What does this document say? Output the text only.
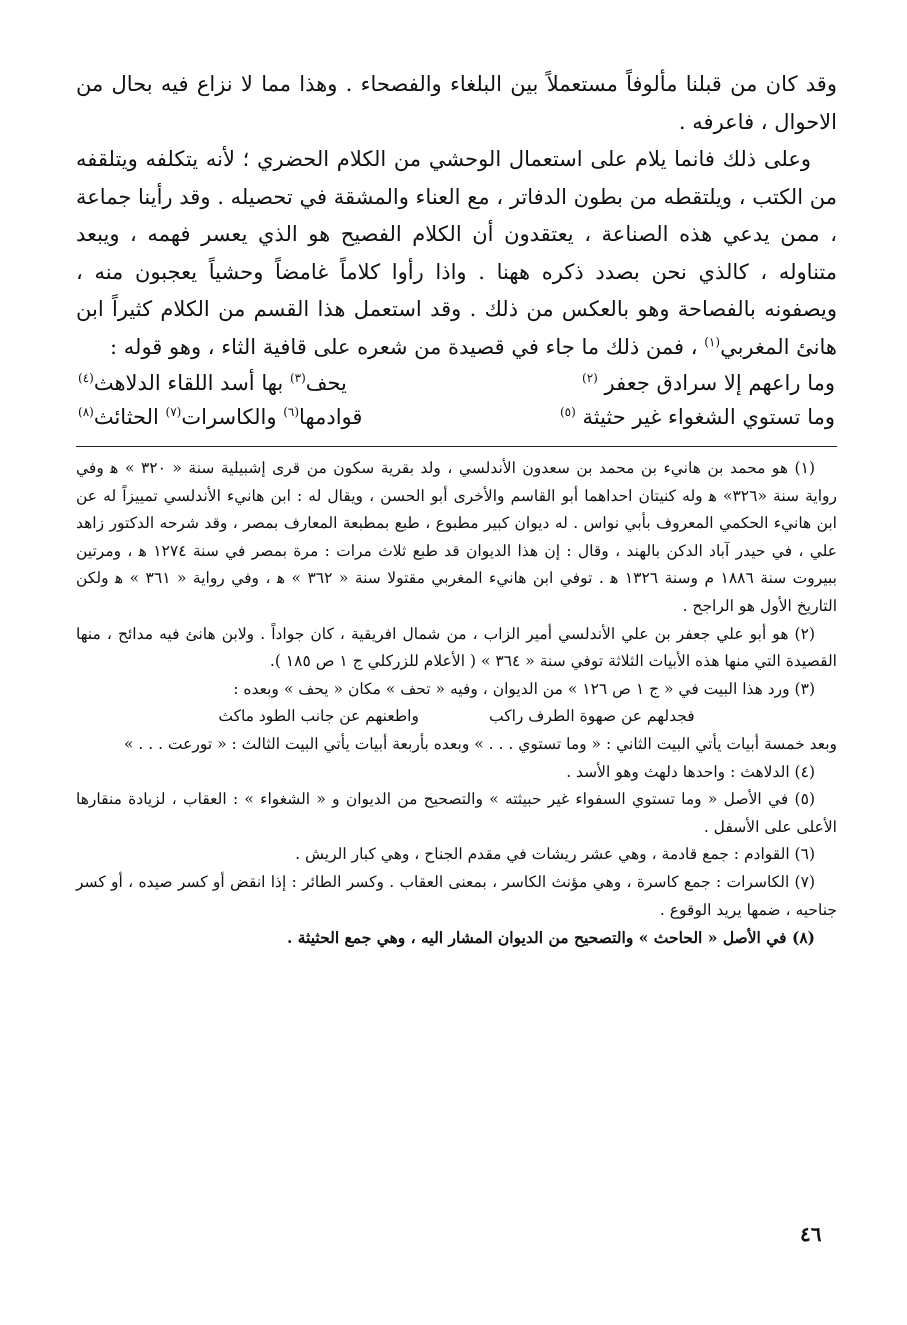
وقد كان من قبلنا مألوفاً مستعملاً بين البلغاء والفصحاء . وهذا مما لا نزاع فيه بحال من الاحوال ، فاعرفه .

وعلى ذلك فانما يلام على استعمال الوحشي من الكلام الحضري ؛ لأنه يتكلفه ويتلقفه من الكتب ، ويلتقطه من بطون الدفاتر ، مع العناء والمشقة في تحصيله . وقد رأينا جماعة ، ممن يدعي هذه الصناعة ، يعتقدون أن الكلام الفصيح هو الذي يعسر فهمه ، ويبعد متناوله ، كالذي نحن بصدد ذكره ههنا . واذا رأوا كلاماً غامضاً وحشياً يعجبون منه ، ويصفونه بالفصاحة وهو بالعكس من ذلك . وقد استعمل هذا القسم من الكلام كثيراً ابن هانئ المغربي$^{(١)}$ ، فمن ذلك ما جاء في قصيدة من شعره على قافية الثاء ، وهو قوله :

وما راعهم إلا سرادق جعفر $^{(٢)}$
يحف$^{(٣)}$ بها أسد اللقاء الدلاهث$^{(٤)}$
وما تستوي الشغواء غير حثيثة $^{(٥)}$
قوادمها$^{(٦)}$ والكاسرات$^{(٧)}$ الحثائث$^{(٨)}$

(١) هو محمد بن هانيء بن محمد بن سعدون الأندلسي ، ولد بقرية سكون من قرى إشبيلية سنة « ٣٢٠ » ﻫ وفي رواية سنة «٣٢٦» ﻫ وله كنيتان احداهما أبو القاسم والأخرى أبو الحسن ، ويقال له : ابن هانيء الأندلسي تمييزاً له عن ابن هانيء الحكمي المعروف بأبي نواس . له ديوان كبير مطبوع ، طبع بمطبعة المعارف بمصر ، وقد شرحه الدكتور زاهد علي ، في حيدر آباد الدكن بالهند ، وقال : إن هذا الديوان قد طبع ثلاث مرات : مرة بمصر في سنة ١٢٧٤ ﻫ ، ومرتين ببيروت سنة ١٨٨٦ م وسنة ١٣٢٦ ﻫ . توفي ابن هانيء المغربي مقتولا سنة « ٣٦٢ » ﻫ ، وفي رواية « ٣٦١ » ﻫ ولكن التاريخ الأول هو الراجح .

(٢) هو أبو علي جعفر بن علي الأندلسي أمير الزاب ، من شمال افريقية ، كان جواداً . ولابن هانئ فيه مدائح ، منها القصيدة التي منها هذه الأبيات الثلاثة توفي سنة « ٣٦٤ » ( الأعلام للزركلي ج ١ ص ١٨٥ ).

(٣) ورد هذا البيت في « ج ١ ص ١٢٦ » من الديوان ، وفيه « تحف » مكان « يحف » وبعده :

فجدلهم عن صهوة الطرف راكب
واطعنهم عن جانب الطود ماكث

وبعد خمسة أبيات يأتي البيت الثاني : « وما تستوي . . . » وبعده بأربعة أبيات يأتي البيت الثالث : « تورعت . . . »

(٤) الدلاهث : واحدها دلهث وهو الأسد .

(٥) في الأصل « وما تستوي السفواء غير حبيثته » والتصحيح من الديوان و « الشغواء » : العقاب ، لزيادة منقارها الأعلى على الأسفل .

(٦) القوادم : جمع قادمة ، وهي عشر ريشات في مقدم الجناح ، وهي كبار الريش .

(٧) الكاسرات : جمع كاسرة ، وهي مؤنث الكاسر ، بمعنى العقاب . وكسر الطائر : إذا انقض أو كسر صيده ، أو كسر جناحيه ، ضمها يريد الوقوع .

(٨) في الأصل « الحاحث » والتصحيح من الديوان المشار اليه ، وهي جمع الحثيثة .

٤٦
